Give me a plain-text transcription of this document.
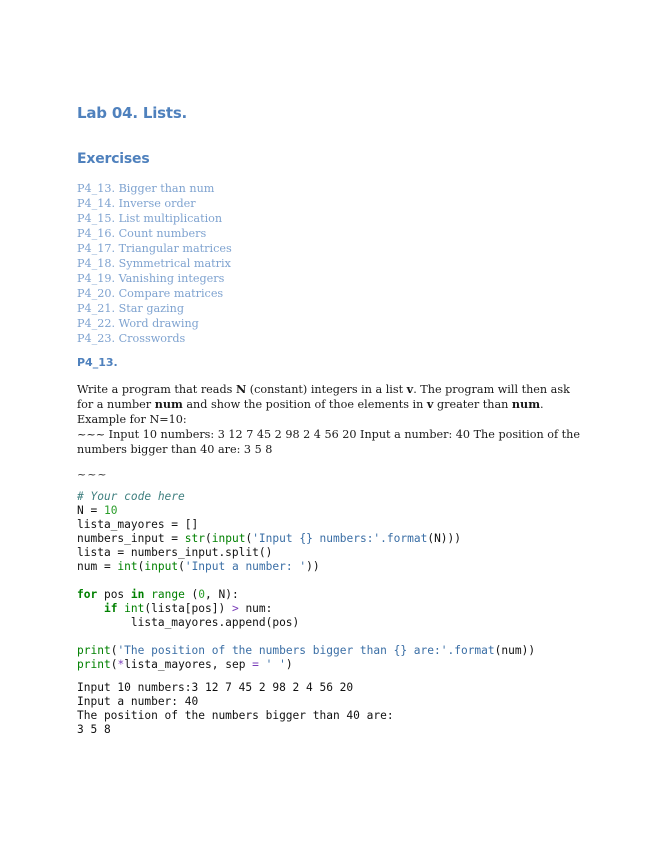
Lab 04. Lists.
Exercises
P4_13. Bigger than num
P4_14. Inverse order
P4_15. List multiplication
P4_16. Count numbers
P4_17. Triangular matrices
P4_18. Symmetrical matrix
P4_19. Vanishing integers
P4_20. Compare matrices
P4_21. Star gazing
P4_22. Word drawing
P4_23. Crosswords
P4_13.

Write a program that reads N (constant) integers in a list v. The program will then ask for a number num and show the position of thoe elements in v greater than num.

Example for N=10:

~~~ Input 10 numbers: 3 12 7 45 2 98 2 4 56 20 Input a number: 40 The position of the numbers bigger than 40 are: 3 5 8

~~~
# Your code here
N = 10
lista_mayores = []
numbers_input = str(input('Input {} numbers:'.format(N)))
lista = numbers_input.split()
num = int(input('Input a number: '))

for pos in range (0, N):
if int(lista[pos]) > num:
lista_mayores.append(pos)

print('The position of the numbers bigger than {} are:'.format(num))
print(*lista_mayores, sep = ' ')
Input 10 numbers:3 12 7 45 2 98 2 4 56 20
Input a number: 40
The position of the numbers bigger than 40 are:
3 5 8
